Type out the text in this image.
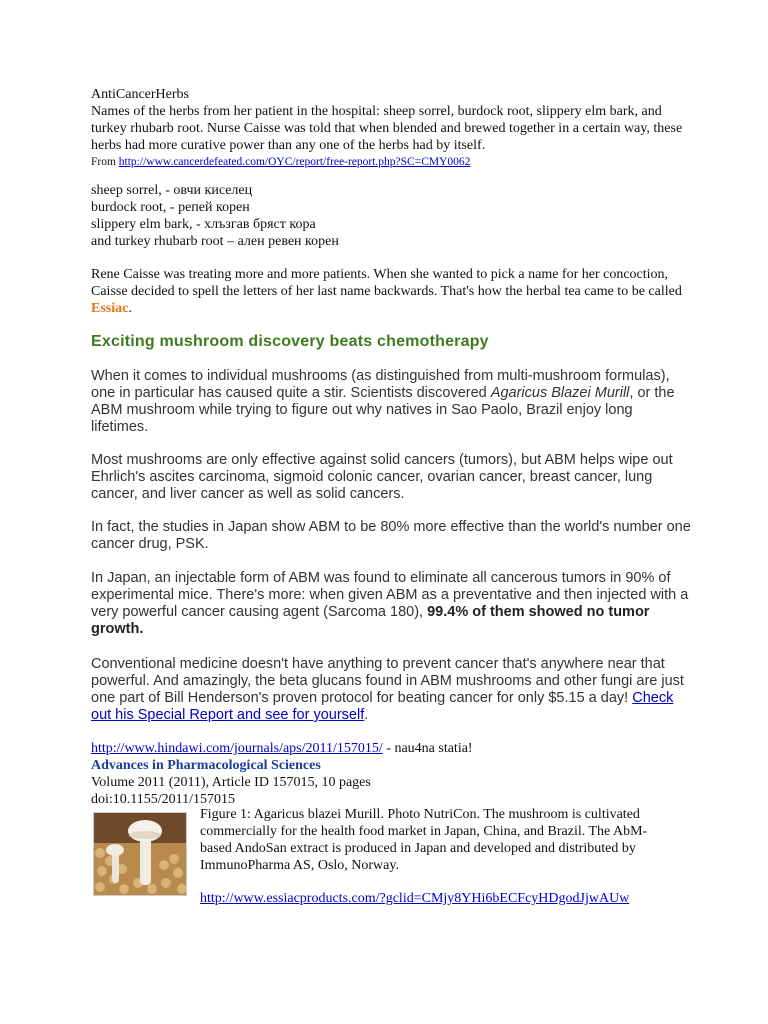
AntiCancerHerbs
Names of the herbs from her patient in the hospital: sheep sorrel, burdock root, slippery elm bark, and turkey rhubarb root. Nurse Caisse was told that when blended and brewed together in a certain way, these herbs had more curative power than any one of the herbs had by itself.
From http://www.cancerdefeated.com/OYC/report/free-report.php?SC=CMY0062
sheep sorrel, - овчи киселец
burdock root, - репей корен
slippery elm bark, - хлъзгав бряст кора
and turkey rhubarb root – ален ревен корен
Rene Caisse was treating more and more patients. When she wanted to pick a name for her concoction, Caisse decided to spell the letters of her last name backwards. That's how the herbal tea came to be called Essiac.
Exciting mushroom discovery beats chemotherapy
When it comes to individual mushrooms (as distinguished from multi-mushroom formulas), one in particular has caused quite a stir. Scientists discovered Agaricus Blazei Murill, or the ABM mushroom while trying to figure out why natives in Sao Paolo, Brazil enjoy long lifetimes.
Most mushrooms are only effective against solid cancers (tumors), but ABM helps wipe out Ehrlich's ascites carcinoma, sigmoid colonic cancer, ovarian cancer, breast cancer, lung cancer, and liver cancer as well as solid cancers.
In fact, the studies in Japan show ABM to be 80% more effective than the world's number one cancer drug, PSK.
In Japan, an injectable form of ABM was found to eliminate all cancerous tumors in 90% of experimental mice. There's more: when given ABM as a preventative and then injected with a very powerful cancer causing agent (Sarcoma 180), 99.4% of them showed no tumor growth.
Conventional medicine doesn't have anything to prevent cancer that's anywhere near that powerful. And amazingly, the beta glucans found in ABM mushrooms and other fungi are just one part of Bill Henderson's proven protocol for beating cancer for only $5.15 a day! Check out his Special Report and see for yourself.
http://www.hindawi.com/journals/aps/2011/157015/ - nau4na statia!
Advances in Pharmacological Sciences
Volume 2011 (2011), Article ID 157015, 10 pages
doi:10.1155/2011/157015
Figure 1: Agaricus blazei Murill. Photo NutriCon. The mushroom is cultivated commercially for the health food market in Japan, China, and Brazil. The AbM-based AndoSan extract is produced in Japan and developed and distributed by ImmunoPharma AS, Oslo, Norway.
http://www.essiacproducts.com/?gclid=CMjy8YHi6bECFcyHDgodJjwAUw
